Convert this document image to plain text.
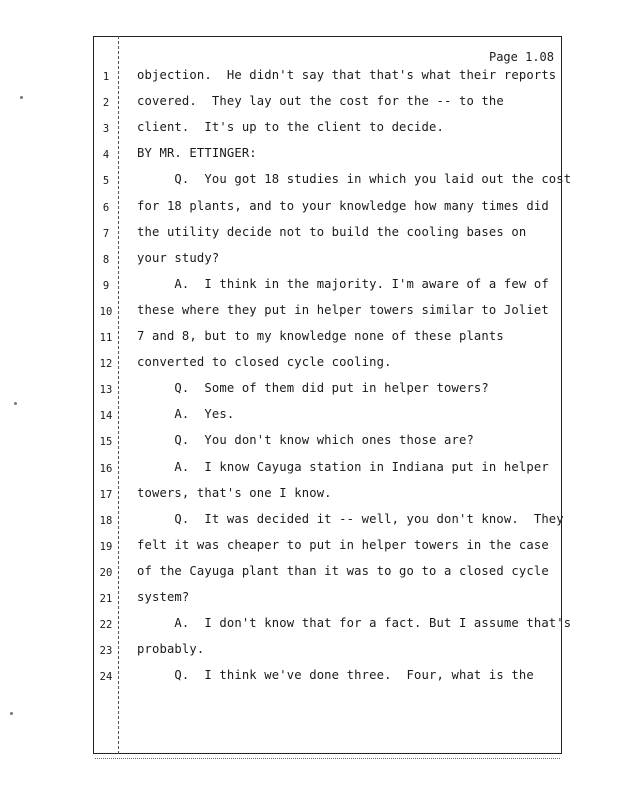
Page 1.08
1	objection.  He didn't say that that's what their reports
2	covered.  They lay out the cost for the -- to the
3	client.  It's up to the client to decide.
4	BY MR. ETTINGER:
5	Q.  You got 18 studies in which you laid out the cost
6	for 18 plants, and to your knowledge how many times did
7	the utility decide not to build the cooling bases on
8	your study?
9	A.  I think in the majority. I'm aware of a few of
10 these where they put in helper towers similar to Joliet
11 7 and 8, but to my knowledge none of these plants
12 converted to closed cycle cooling.
13 Q.  Some of them did put in helper towers?
14 A.  Yes.
15 Q.  You don't know which ones those are?
16 A.  I know Cayuga station in Indiana put in helper
17 towers, that's one I know.
18 Q.  It was decided it -- well, you don't know.  They
19 felt it was cheaper to put in helper towers in the case
20 of the Cayuga plant than it was to go to a closed cycle
21 system?
22 A.  I don't know that for a fact. But I assume that's
23 probably.
24 Q.  I think we've done three.  Four, what is the
